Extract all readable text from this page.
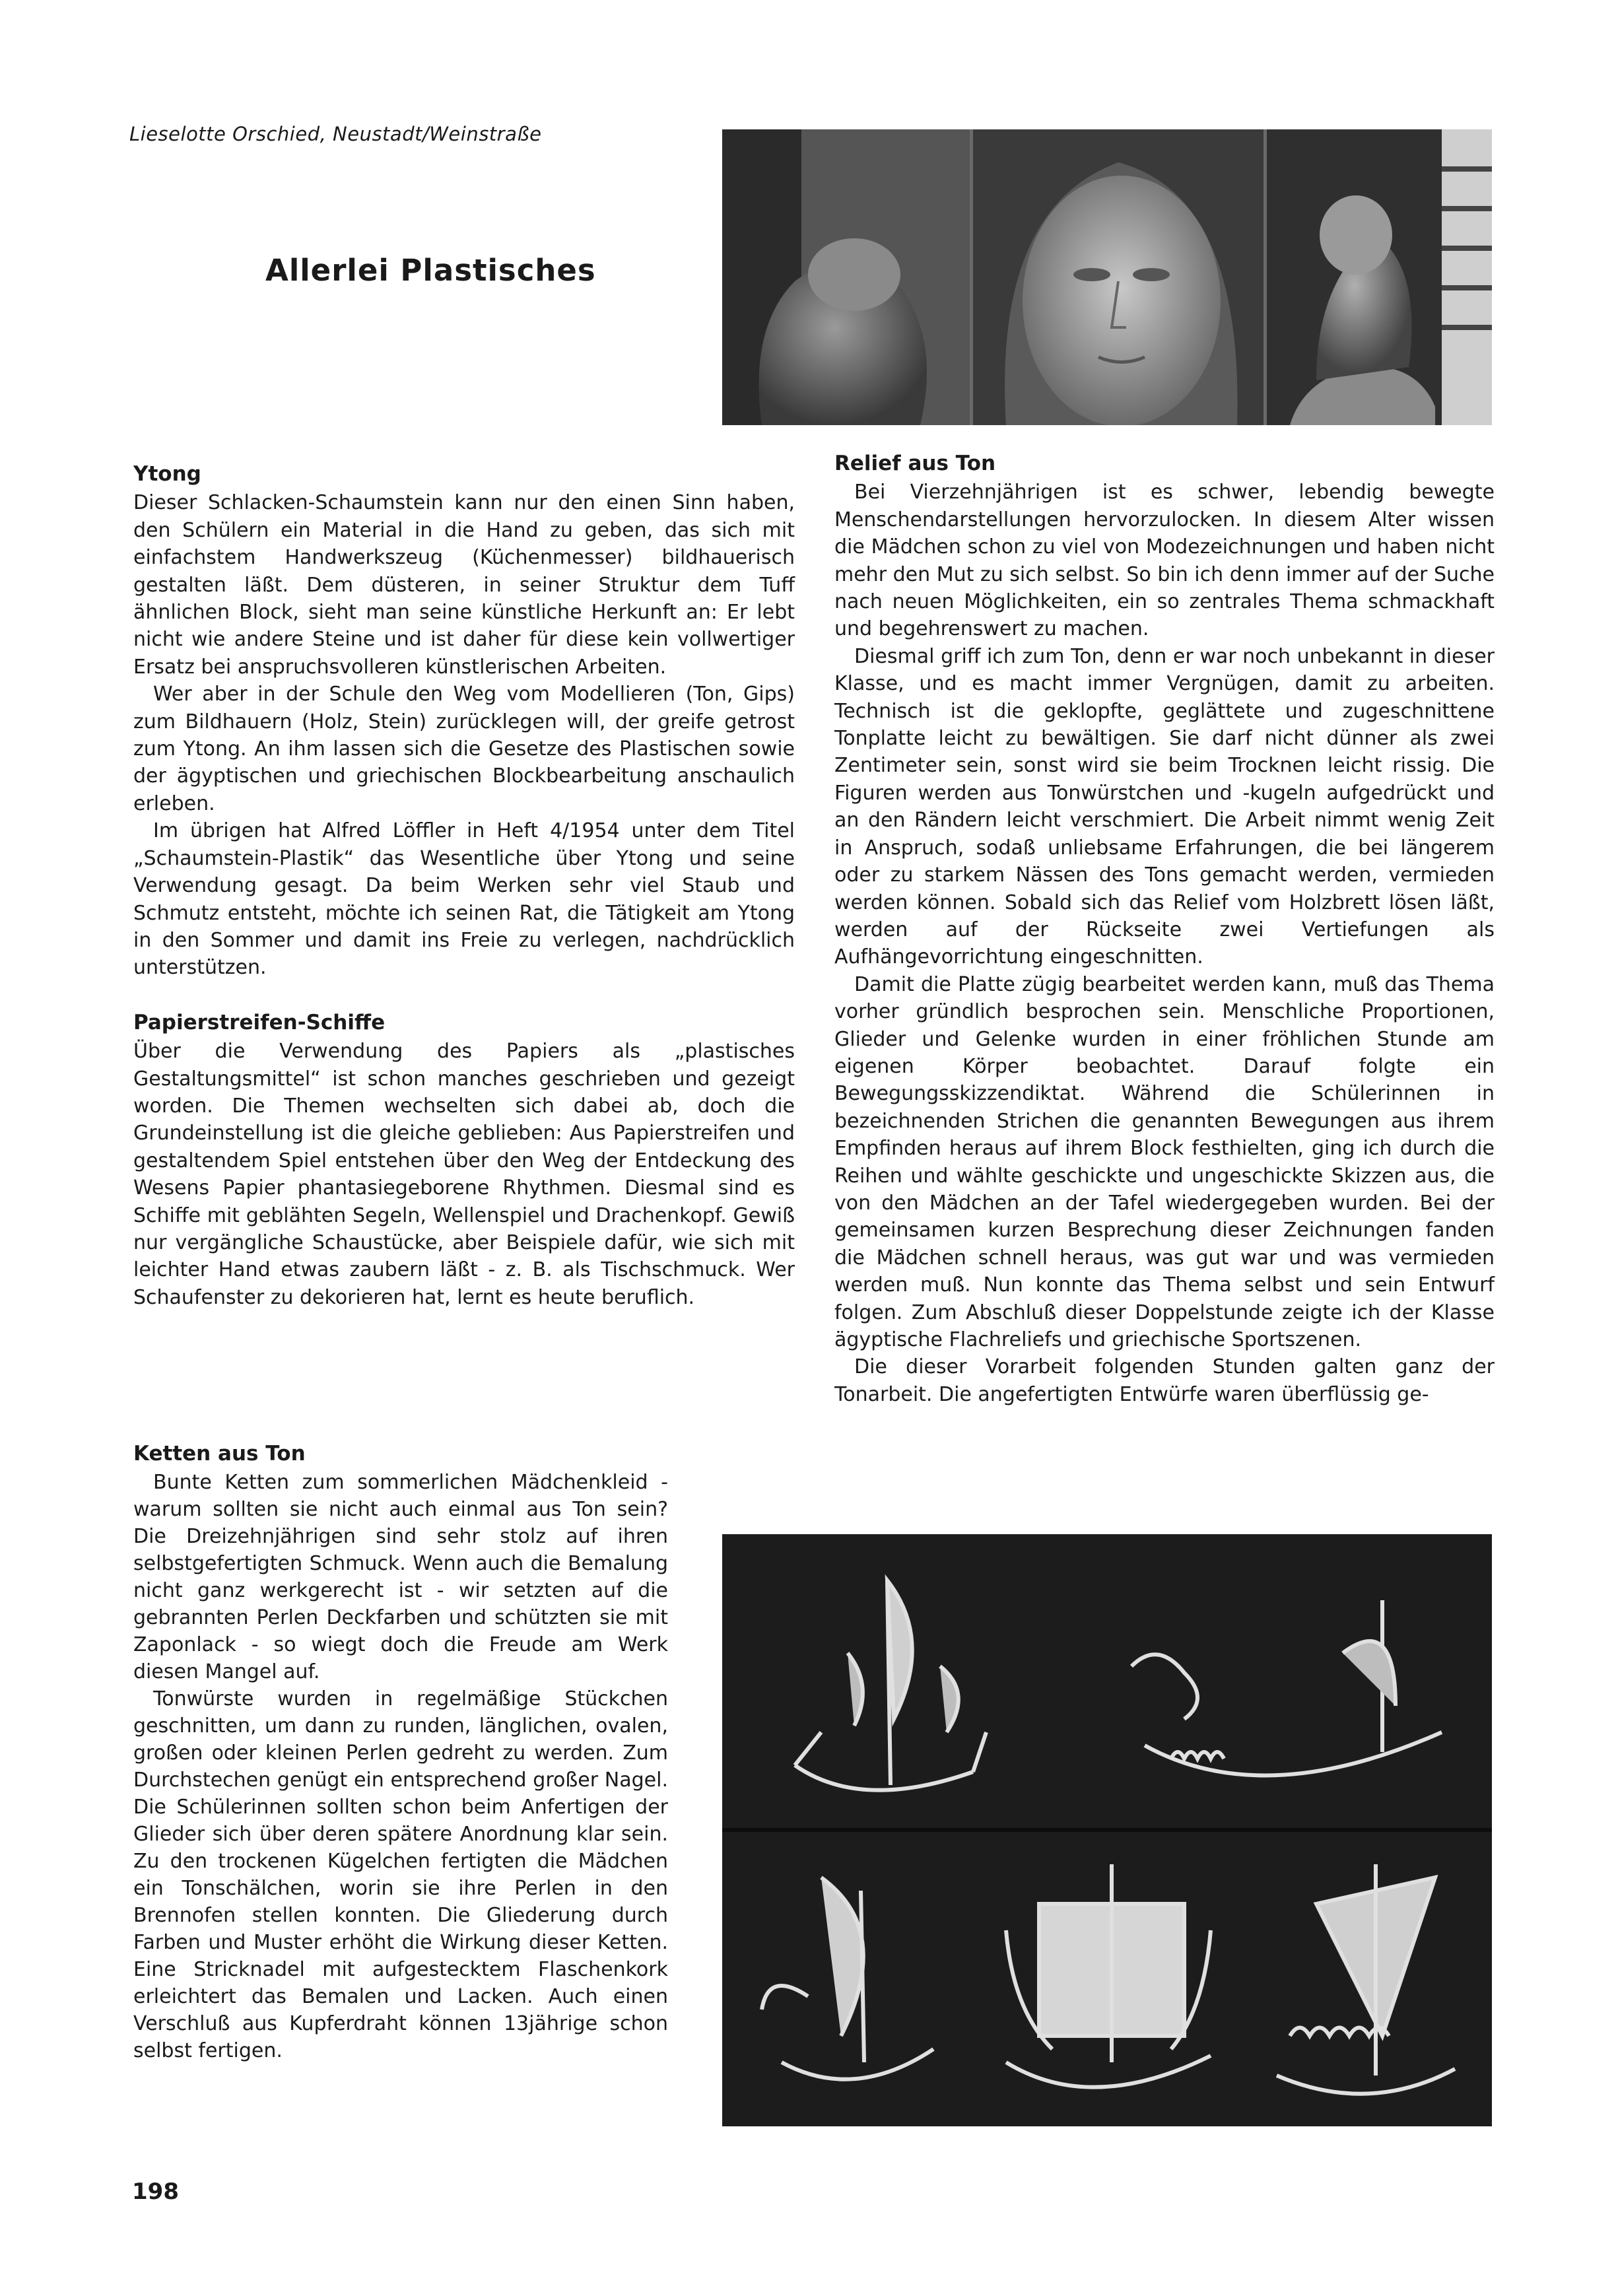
Lieselotte Orschied, Neustadt/Weinstraße
Allerlei Plastisches
Ytong

Dieser Schlacken-Schaumstein kann nur den einen Sinn haben, den Schülern ein Material in die Hand zu geben, das sich mit einfachstem Handwerkszeug (Küchenmesser) bildhauerisch gestalten läßt. Dem düsteren, in seiner Struktur dem Tuff ähnlichen Block, sieht man seine künstliche Herkunft an: Er lebt nicht wie andere Steine und ist daher für diese kein vollwertiger Ersatz bei anspruchsvolleren künstlerischen Arbeiten.

Wer aber in der Schule den Weg vom Modellieren (Ton, Gips) zum Bildhauern (Holz, Stein) zurücklegen will, der greife getrost zum Ytong. An ihm lassen sich die Gesetze des Plastischen sowie der ägyptischen und griechischen Blockbearbeitung anschaulich erleben.

Im übrigen hat Alfred Löffler in Heft 4/1954 unter dem Titel „Schaumstein-Plastik“ das Wesentliche über Ytong und seine Verwendung gesagt. Da beim Werken sehr viel Staub und Schmutz entsteht, möchte ich seinen Rat, die Tätigkeit am Ytong in den Sommer und damit ins Freie zu verlegen, nachdrücklich unterstützen.

Papierstreifen-Schiffe

Über die Verwendung des Papiers als „plastisches Gestaltungsmittel“ ist schon manches geschrieben und gezeigt worden. Die Themen wechselten sich dabei ab, doch die Grundeinstellung ist die gleiche geblieben: Aus Papierstreifen und gestaltendem Spiel entstehen über den Weg der Entdeckung des Wesens Papier phantasiegeborene Rhythmen. Diesmal sind es Schiffe mit geblähten Segeln, Wellenspiel und Drachenkopf. Gewiß nur vergängliche Schaustücke, aber Beispiele dafür, wie sich mit leichter Hand etwas zaubern läßt - z. B. als Tischschmuck. Wer Schaufenster zu dekorieren hat, lernt es heute beruflich.

Ketten aus Ton

Bunte Ketten zum sommerlichen Mädchenkleid - warum sollten sie nicht auch einmal aus Ton sein? Die Dreizehnjährigen sind sehr stolz auf ihren selbstgefertigten Schmuck. Wenn auch die Bemalung nicht ganz werkgerecht ist - wir setzten auf die gebrannten Perlen Deckfarben und schützten sie mit Zaponlack - so wiegt doch die Freude am Werk diesen Mangel auf.

Tonwürste wurden in regelmäßige Stückchen geschnitten, um dann zu runden, länglichen, ovalen, großen oder kleinen Perlen gedreht zu werden. Zum Durchstechen genügt ein entsprechend großer Nagel. Die Schülerinnen sollten schon beim Anfertigen der Glieder sich über deren spätere Anordnung klar sein. Zu den trockenen Kügelchen fertigten die Mädchen ein Tonschälchen, worin sie ihre Perlen in den Brennofen stellen konnten. Die Gliederung durch Farben und Muster erhöht die Wirkung dieser Ketten. Eine Stricknadel mit aufgestecktem Flaschenkork erleichtert das Bemalen und Lacken. Auch einen Verschluß aus Kupferdraht können 13jährige schon selbst fertigen.

Relief aus Ton

Bei Vierzehnjährigen ist es schwer, lebendig bewegte Menschendarstellungen hervorzulocken. In diesem Alter wissen die Mädchen schon zu viel von Modezeichnungen und haben nicht mehr den Mut zu sich selbst. So bin ich denn immer auf der Suche nach neuen Möglichkeiten, ein so zentrales Thema schmackhaft und begehrenswert zu machen.

Diesmal griff ich zum Ton, denn er war noch unbekannt in dieser Klasse, und es macht immer Vergnügen, damit zu arbeiten. Technisch ist die geklopfte, geglättete und zugeschnittene Tonplatte leicht zu bewältigen. Sie darf nicht dünner als zwei Zentimeter sein, sonst wird sie beim Trocknen leicht rissig. Die Figuren werden aus Tonwürstchen und -kugeln aufgedrückt und an den Rändern leicht verschmiert. Die Arbeit nimmt wenig Zeit in Anspruch, sodaß unliebsame Erfahrungen, die bei längerem oder zu starkem Nässen des Tons gemacht werden, vermieden werden können. Sobald sich das Relief vom Holzbrett lösen läßt, werden auf der Rückseite zwei Vertiefungen als Aufhängevorrichtung eingeschnitten.

Damit die Platte zügig bearbeitet werden kann, muß das Thema vorher gründlich besprochen sein. Menschliche Proportionen, Glieder und Gelenke wurden in einer fröhlichen Stunde am eigenen Körper beobachtet. Darauf folgte ein Bewegungsskizzendiktat. Während die Schülerinnen in bezeichnenden Strichen die genannten Bewegungen aus ihrem Empfinden heraus auf ihrem Block festhielten, ging ich durch die Reihen und wählte geschickte und ungeschickte Skizzen aus, die von den Mädchen an der Tafel wiedergegeben wurden. Bei der gemeinsamen kurzen Besprechung dieser Zeichnungen fanden die Mädchen schnell heraus, was gut war und was vermieden werden muß. Nun konnte das Thema selbst und sein Entwurf folgen. Zum Abschluß dieser Doppelstunde zeigte ich der Klasse ägyptische Flachreliefs und griechische Sportszenen.

Die dieser Vorarbeit folgenden Stunden galten ganz der Tonarbeit. Die angefertigten Entwürfe waren überflüssig ge-

198
